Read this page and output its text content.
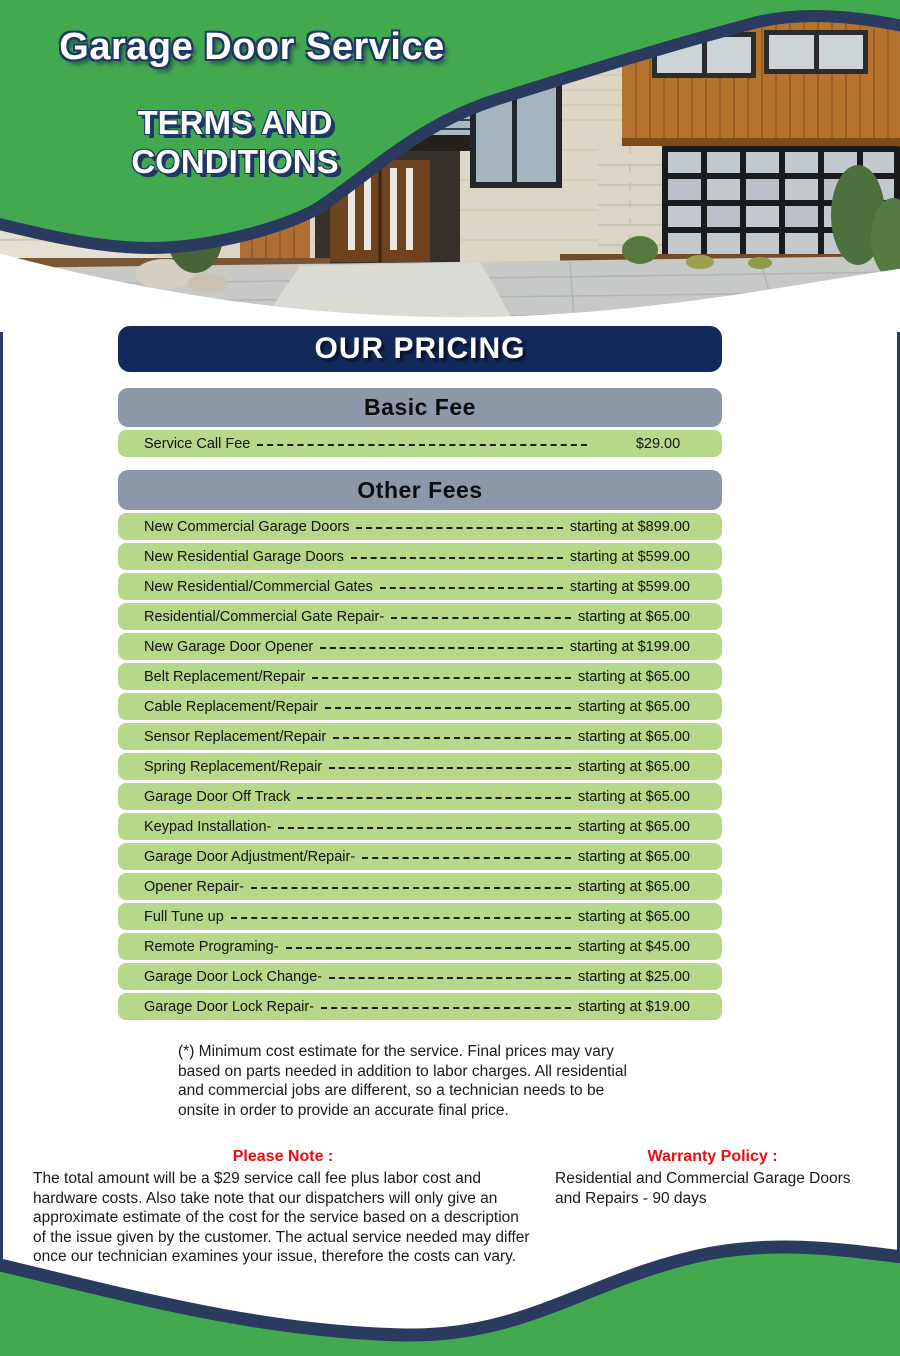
Garage Door Service
TERMS AND
CONDITIONS
OUR PRICING
Basic Fee
Service Call Fee	$29.00
Other Fees
New Commercial Garage Doors	starting at $899.00
New Residential Garage Doors	starting at $599.00
New Residential/Commercial Gates	starting at $599.00
Residential/Commercial Gate Repair-	starting at $65.00
New Garage Door Opener	starting at $199.00
Belt Replacement/Repair	starting at $65.00
Cable Replacement/Repair	starting at $65.00
Sensor Replacement/Repair	starting at $65.00
Spring Replacement/Repair	starting at $65.00
Garage Door Off Track	starting at $65.00
Keypad Installation-	starting at $65.00
Garage Door Adjustment/Repair-	starting at $65.00
Opener Repair-	starting at $65.00
Full Tune up	starting at $65.00
Remote Programing-	starting at $45.00
Garage Door Lock Change-	starting at $25.00
Garage Door Lock Repair-	starting at $19.00
(*) Minimum cost estimate for the service. Final prices may vary based on parts needed in addition to labor charges. All residential and commercial jobs are different, so a technician needs to be onsite in order to provide an accurate final price.
Please Note :
The total amount will be a $29 service call fee plus labor cost and hardware costs. Also take note that our dispatchers will only give an approximate estimate of the cost for the service based on a description of the issue given by the customer. The actual service needed may differ once our technician examines your issue, therefore the costs can vary.
Warranty Policy :
Residential and Commercial Garage Doors and Repairs - 90 days
